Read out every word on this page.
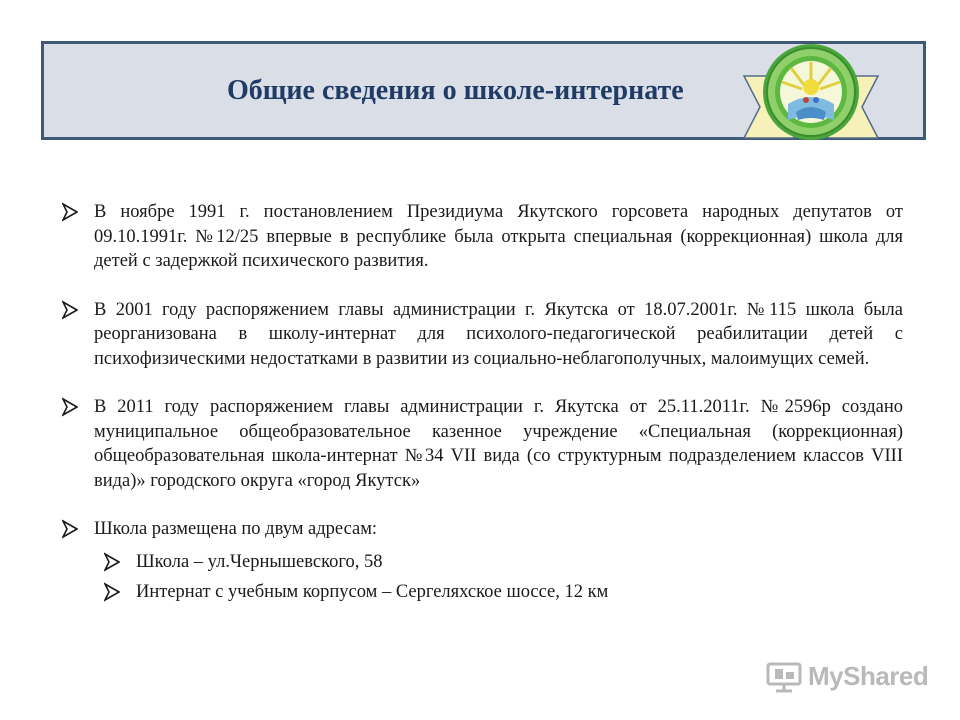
Общие сведения о школе-интернате
В ноябре 1991 г. постановлением Президиума Якутского горсовета народных депутатов от 09.10.1991г. №12/25 впервые в республике была открыта специальная (коррекционная) школа для детей с задержкой психического развития.
В 2001 году распоряжением главы администрации г. Якутска от 18.07.2001г. №115 школа была реорганизована в школу-интернат для психолого-педагогической реабилитации детей с психофизическими недостатками в развитии из социально-неблагополучных, малоимущих семей.
В 2011 году распоряжением главы администрации г. Якутска от 25.11.2011г. №2596р создано муниципальное общеобразовательное казенное учреждение «Специальная (коррекционная) общеобразовательная школа-интернат №34 VII вида (со структурным подразделением классов VIII вида)» городского округа «город Якутск»
Школа размещена по двум адресам:
Школа – ул.Чернышевского, 58
Интернат с учебным корпусом – Сергеляхское шоссе, 12 км
MyShared
